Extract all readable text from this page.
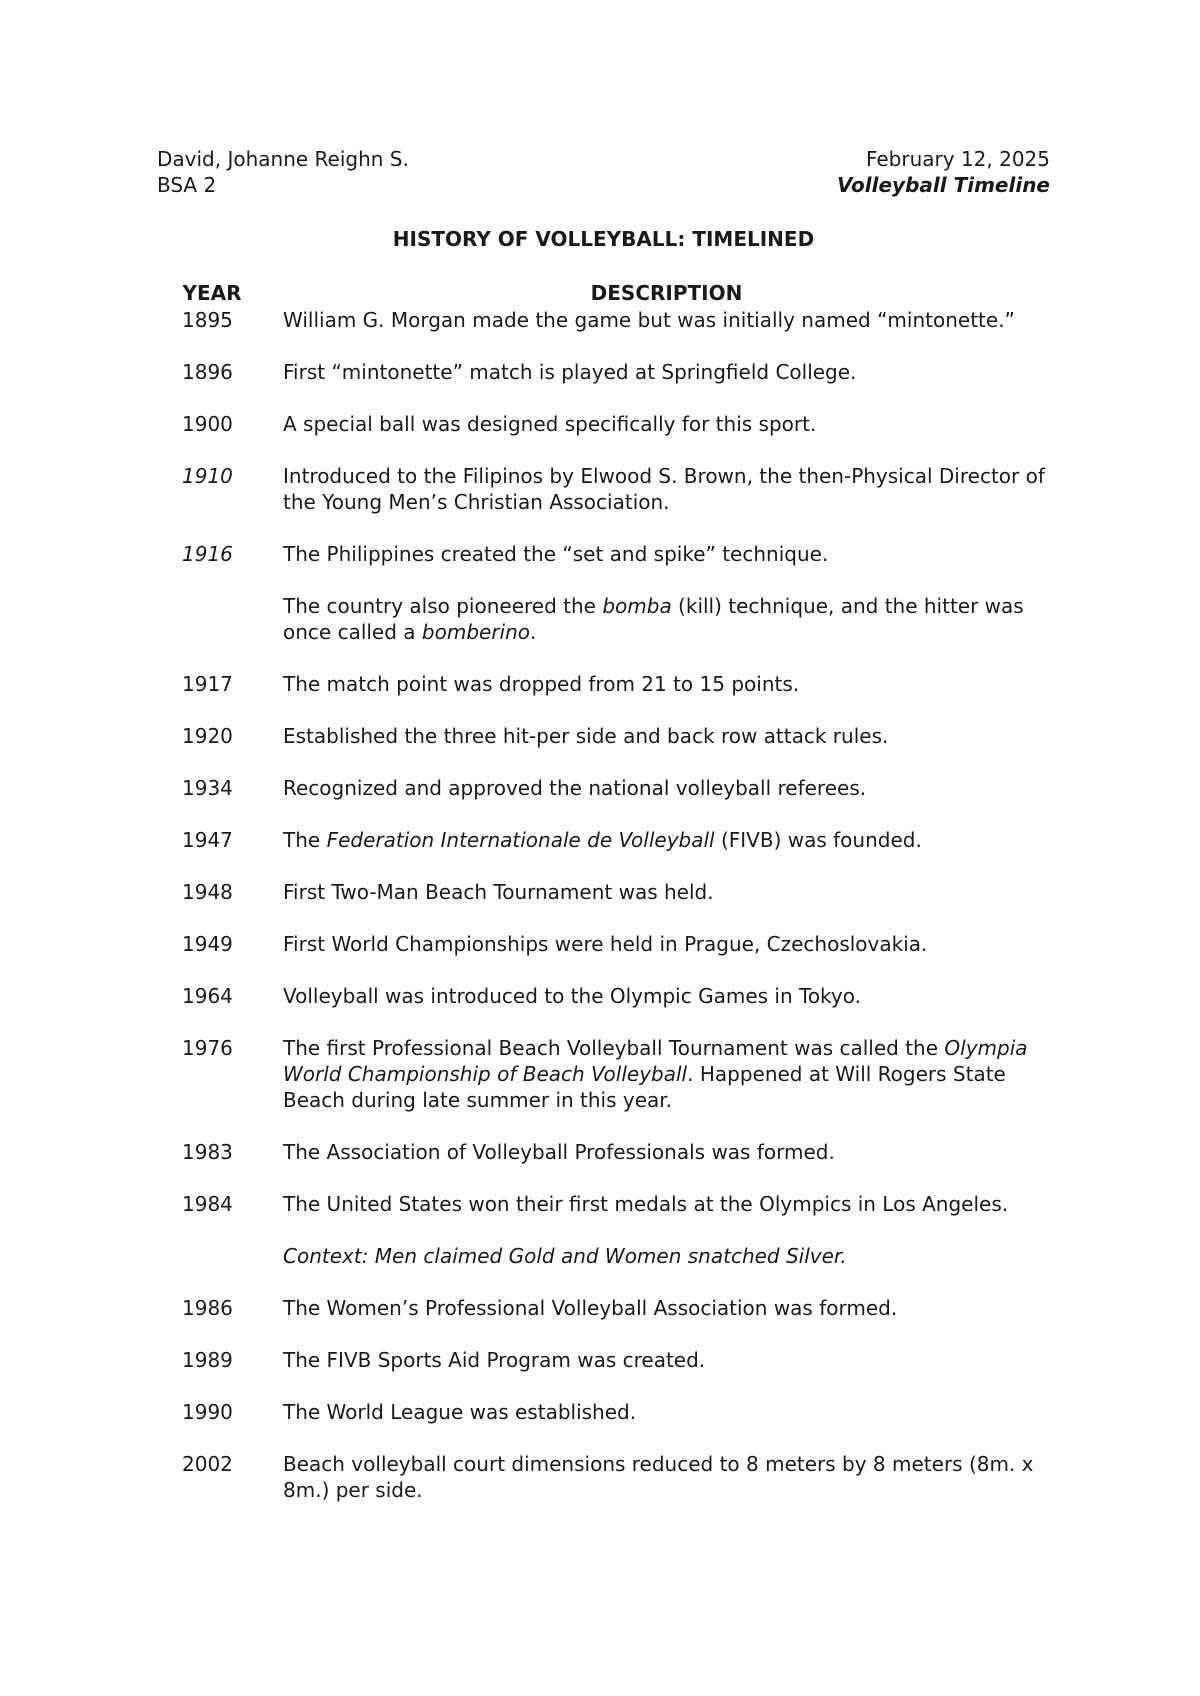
David, Johanne Reighn S.
BSA 2
February 12, 2025
Volleyball Timeline
HISTORY OF VOLLEYBALL: TIMELINED
YEAR	DESCRIPTION
1895	William G. Morgan made the game but was initially named “mintonette.”

1896	First “mintonette” match is played at Springfield College.

1900	A special ball was designed specifically for this sport.

1910	Introduced to the Filipinos by Elwood S. Brown, the then-Physical Director of the Young Men’s Christian Association.

1916	The Philippines created the “set and spike” technique.

The country also pioneered the bomba (kill) technique, and the hitter was once called a bomberino.

1917	The match point was dropped from 21 to 15 points.

1920	Established the three hit-per side and back row attack rules.

1934	Recognized and approved the national volleyball referees.

1947	The Federation Internationale de Volleyball (FIVB) was founded.

1948	First Two-Man Beach Tournament was held.

1949	First World Championships were held in Prague, Czechoslovakia.

1964	Volleyball was introduced to the Olympic Games in Tokyo.

1976	The first Professional Beach Volleyball Tournament was called the Olympia World Championship of Beach Volleyball. Happened at Will Rogers State Beach during late summer in this year.

1983	The Association of Volleyball Professionals was formed.

1984	The United States won their first medals at the Olympics in Los Angeles.

Context: Men claimed Gold and Women snatched Silver.

1986	The Women’s Professional Volleyball Association was formed.

1989	The FIVB Sports Aid Program was created.

1990	The World League was established.

2002	Beach volleyball court dimensions reduced to 8 meters by 8 meters (8m. x 8m.) per side.
